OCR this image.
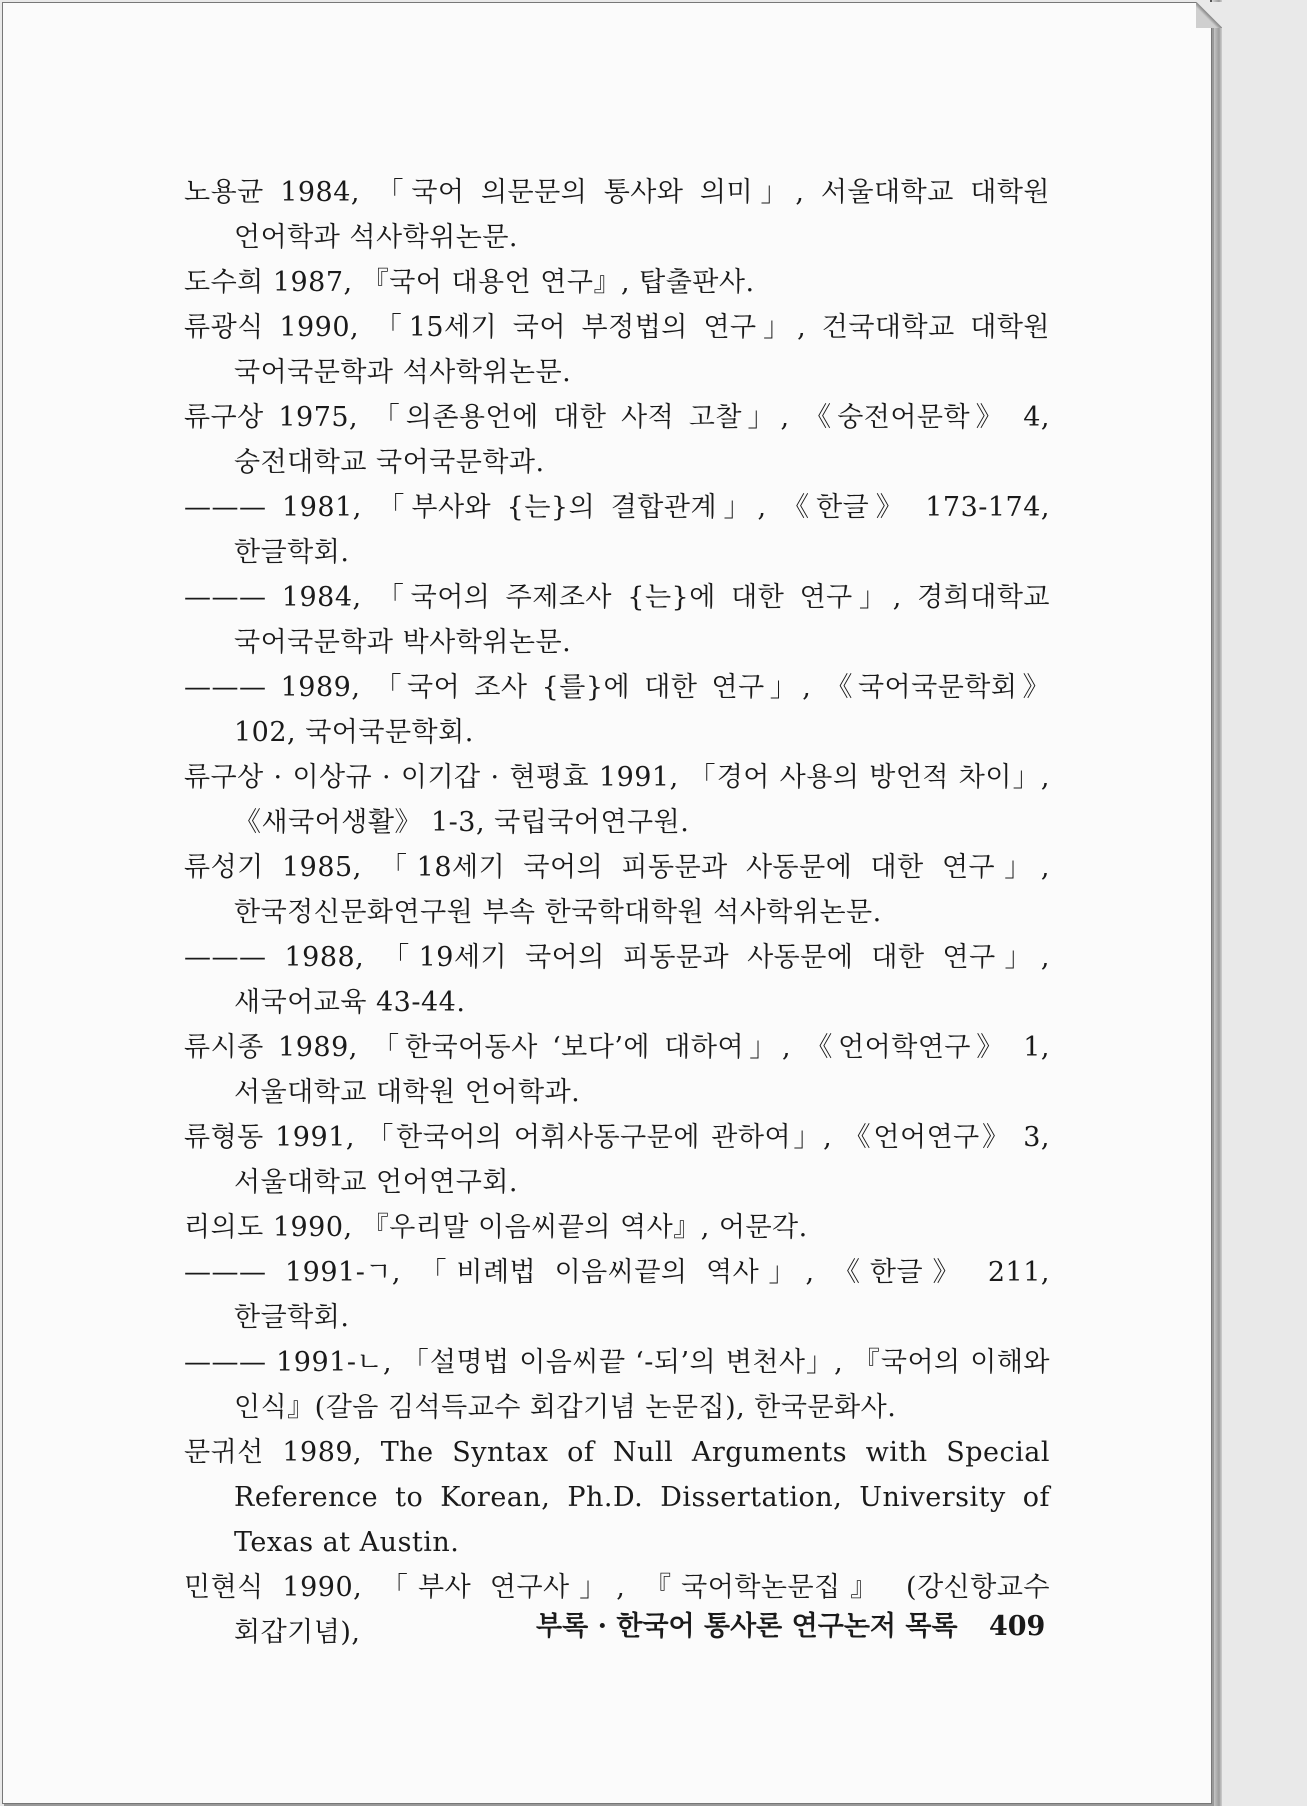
노용균 1984, 「국어 의문문의 통사와 의미」, 서울대학교 대학원 언어학과 석사학위논문.
도수희 1987, 『국어 대용언 연구』, 탑출판사.
류광식 1990, 「15세기 국어 부정법의 연구」, 건국대학교 대학원 국어국문학과 석사학위논문.
류구상 1975, 「의존용언에 대한 사적 고찰」, 《숭전어문학》 4, 숭전대학교 국어국문학과.
——— 1981, 「부사와 {는}의 결합관계」, 《한글》 173-174, 한글학회.
——— 1984, 「국어의 주제조사 {는}에 대한 연구」, 경희대학교 국어국문학과 박사학위논문.
——— 1989, 「국어 조사 {를}에 대한 연구」, 《국어국문학회》 102, 국어국문학회.
류구상 · 이상규 · 이기갑 · 현평효 1991, 「경어 사용의 방언적 차이」, 《새국어생활》 1-3, 국립국어연구원.
류성기 1985, 「18세기 국어의 피동문과 사동문에 대한 연구」, 한국정신문화연구원 부속 한국학대학원 석사학위논문.
——— 1988, 「19세기 국어의 피동문과 사동문에 대한 연구」, 새국어교육 43-44.
류시종 1989, 「한국어동사 ‘보다’에 대하여」, 《언어학연구》 1, 서울대학교 대학원 언어학과.
류형동 1991, 「한국어의 어휘사동구문에 관하여」, 《언어연구》 3, 서울대학교 언어연구회.
리의도 1990, 『우리말 이음씨끝의 역사』, 어문각.
——— 1991-ㄱ, 「비례법 이음씨끝의 역사」, 《한글》 211, 한글학회.
——— 1991-ㄴ, 「설명법 이음씨끝 ‘-되’의 변천사」, 『국어의 이해와 인식』(갈음 김석득교수 회갑기념 논문집), 한국문화사.
문귀선 1989, The Syntax of Null Arguments with Special Reference to Korean, Ph.D. Dissertation, University of Texas at Austin.
민현식 1990, 「부사 연구사」, 『국어학논문집』 (강신항교수 회갑기념),	부록 · 한국어 통사론 연구논저 목록 409
